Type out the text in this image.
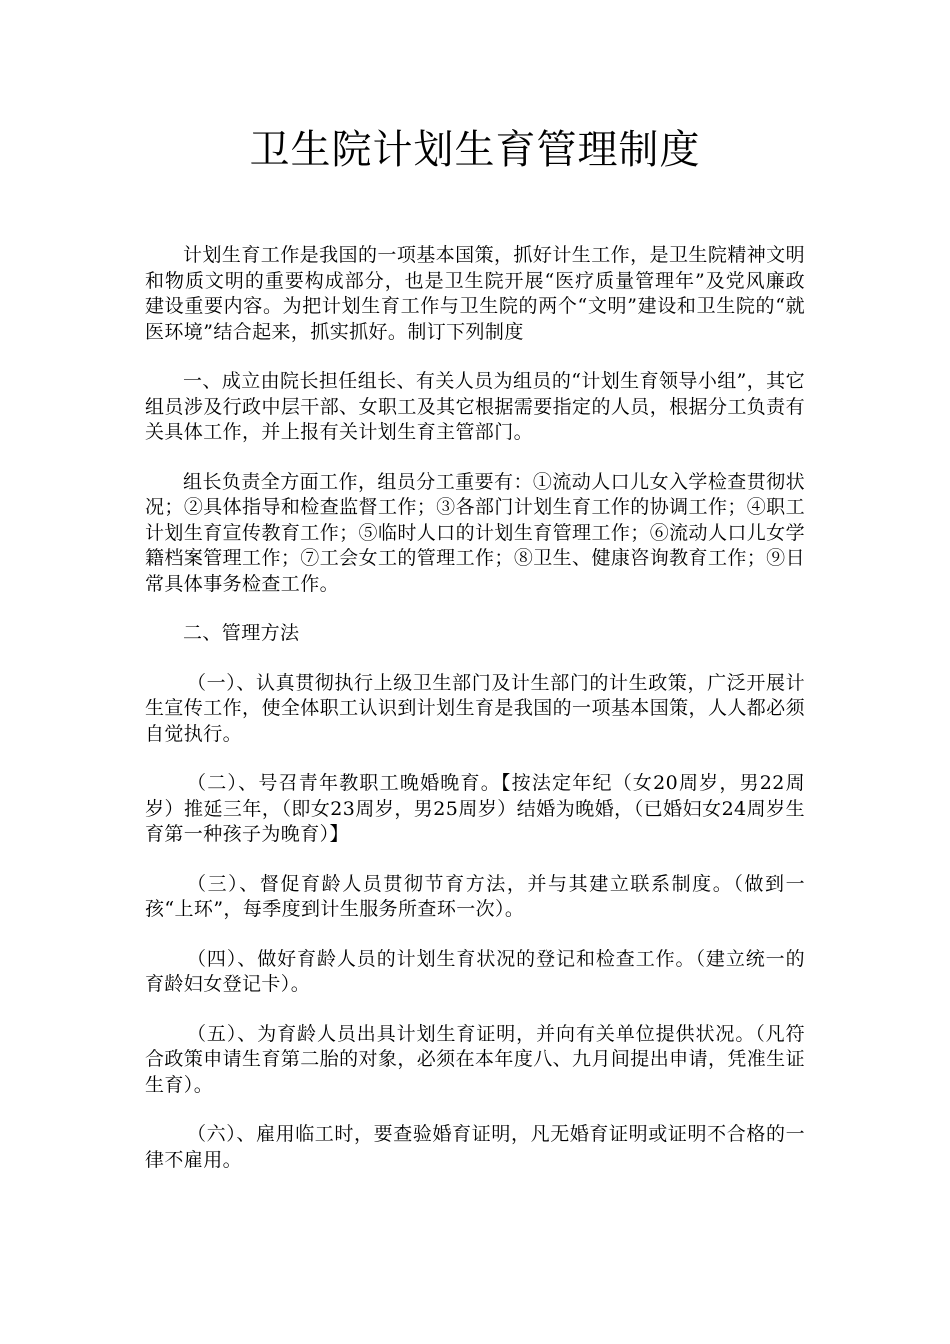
卫生院计划生育管理制度

计划生育工作是我国的一项基本国策，抓好计生工作，是卫生院精神文明和物质文明的重要构成部分，也是卫生院开展“医疗质量管理年”及党风廉政建设重要内容。为把计划生育工作与卫生院的两个“文明”建设和卫生院的“就医环境”结合起来，抓实抓好。制订下列制度

一、成立由院长担任组长、有关人员为组员的“计划生育领导小组”，其它组员涉及行政中层干部、女职工及其它根据需要指定的人员，根据分工负责有关具体工作，并上报有关计划生育主管部门。

组长负责全方面工作，组员分工重要有：①流动人口儿女入学检查贯彻状况；②具体指导和检查监督工作；③各部门计划生育工作的协调工作；④职工计划生育宣传教育工作；⑤临时人口的计划生育管理工作；⑥流动人口儿女学籍档案管理工作；⑦工会女工的管理工作；⑧卫生、健康咨询教育工作；⑨日常具体事务检查工作。

二、管理方法

（一）、认真贯彻执行上级卫生部门及计生部门的计生政策，广泛开展计生宣传工作，使全体职工认识到计划生育是我国的一项基本国策，人人都必须自觉执行。

（二）、号召青年教职工晚婚晚育。【按法定年纪（女20周岁，男22周岁）推延三年，（即女23周岁，男25周岁）结婚为晚婚，（已婚妇女24周岁生育第一种孩子为晚育）】

（三）、督促育龄人员贯彻节育方法，并与其建立联系制度。（做到一孩“上环”，每季度到计生服务所查环一次）。

（四）、做好育龄人员的计划生育状况的登记和检查工作。（建立统一的育龄妇女登记卡）。

（五）、为育龄人员出具计划生育证明，并向有关单位提供状况。（凡符合政策申请生育第二胎的对象，必须在本年度八、九月间提出申请，凭准生证生育）。

（六）、雇用临工时，要查验婚育证明，凡无婚育证明或证明不合格的一律不雇用。
